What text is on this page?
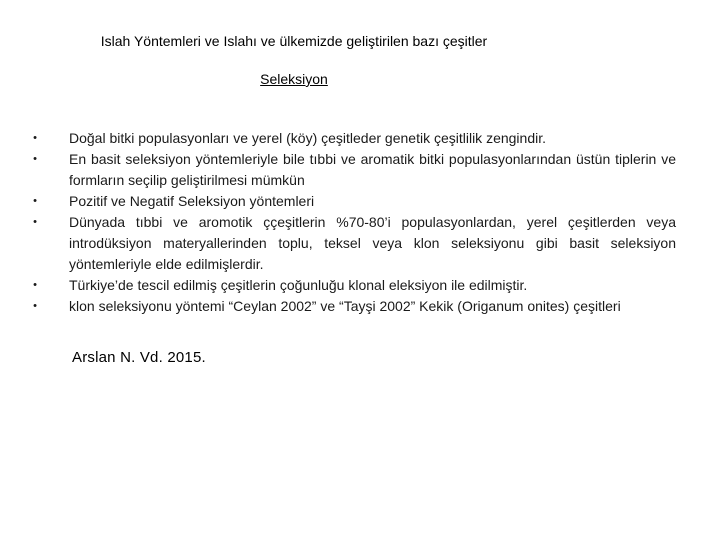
Islah Yöntemleri ve Islahı ve ülkemizde geliştirilen bazı çeşitler
Seleksiyon
• Doğal bitki populasyonları ve yerel (köy) çeşitleder genetik çeşitlilik zengindir.
• En basit seleksiyon yöntemleriyle bile tıbbi ve aromatik bitki populasyonlarından üstün tiplerin ve formların seçilip geliştirilmesi mümkün
• Pozitif ve Negatif Seleksiyon yöntemleri
• Dünyada tıbbi ve aromotik ççeşitlerin %70-80’i populasyonlardan, yerel çeşitlerden veya introdüksiyon materyallerinden toplu, teksel veya klon seleksiyonu gibi basit seleksiyon yöntemleriyle elde edilmişlerdir.
• Türkiye’de tescil edilmiş çeşitlerin çoğunluğu klonal eleksiyon ile edilmiştir.
• klon seleksiyonu yöntemi “Ceylan 2002” ve “Tayşi 2002” Kekik (Origanum onites) çeşitleri
Arslan N. Vd. 2015.
